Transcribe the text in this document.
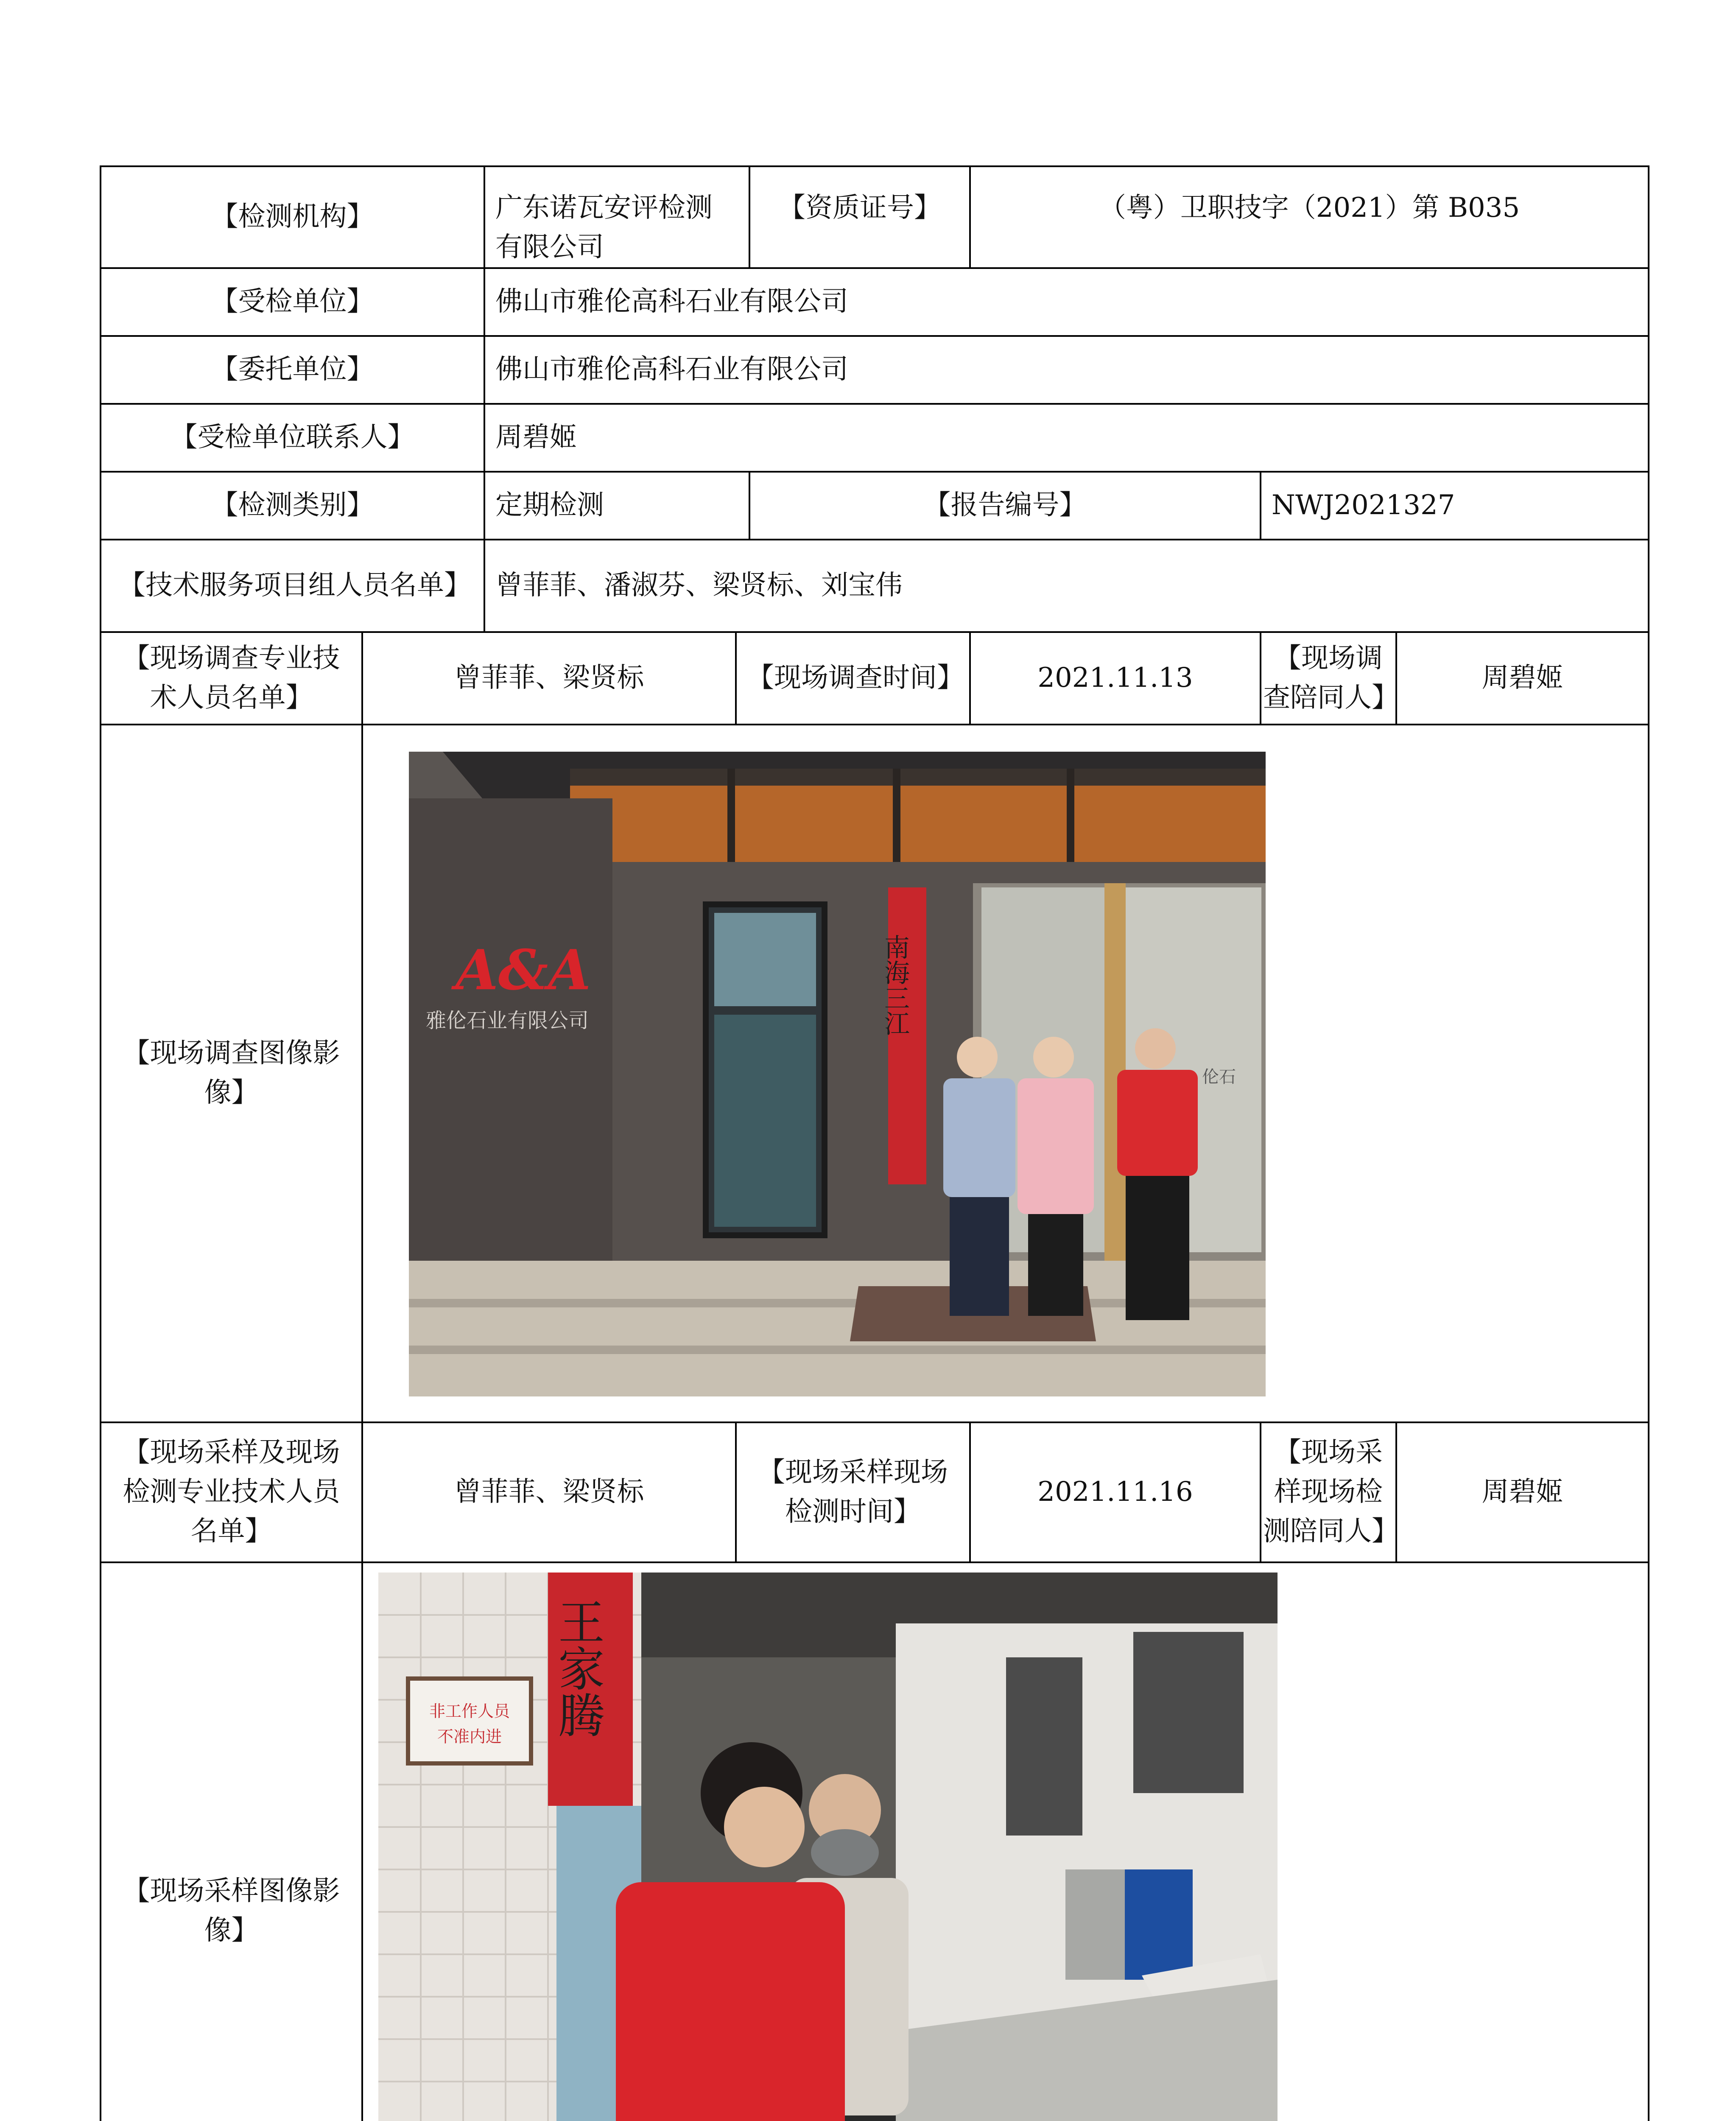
【检测机构】		广东诺瓦安评检测有限公司		【资质证号】	（粤）卫职技字（2021）第 B035		
【受检单位】		佛山市雅伦高科石业有限公司					
【委托单位】		佛山市雅伦高科石业有限公司					
【受检单位联系人】		周碧姬					
【检测类别】		定期检测		【报告编号】		NWJ2021327	
【技术服务项目组人员名单】		曾菲菲、潘淑芬、梁贤标、刘宝伟					
【现场调查专业技术人员名单】	曾菲菲、梁贤标		【现场调查时间】		2021.11.13	【现场调查陪同人】	周碧姬
【现场调查图像影像】	A&A
雅伦石业有限公司
伦石
南海三江						

【现场采样及现场检测专业技术人员名单】	曾菲菲、梁贤标		【现场采样现场检测时间】		2021.11.16	【现场采样现场检测陪同人】	周碧姬
【现场采样图像影像】	非工作人员
不准内进 王家腾						
